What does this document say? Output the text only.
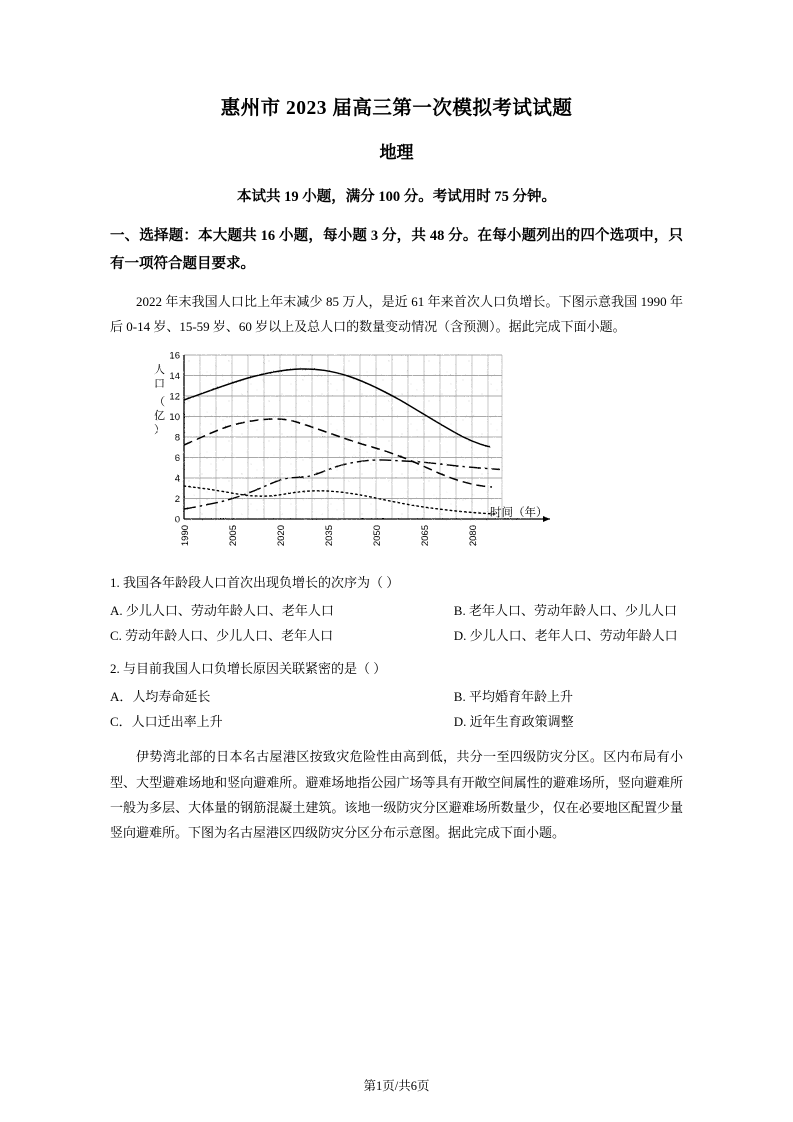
惠州市 2023 届高三第一次模拟考试试题
地理
本试共 19 小题，满分 100 分。考试用时 75 分钟。
一、选择题：本大题共 16 小题，每小题 3 分，共 48 分。在每小题列出的四个选项中，只有一项符合题目要求。
2022 年末我国人口比上年末减少 85 万人，是近 61 年来首次人口负增长。下图示意我国 1990 年后 0-14 岁、15-59 岁、60 岁以上及总人口的数量变动情况（含预测）。据此完成下面小题。
16
14
12
10
8
6
4
2
0
人
口
（
亿
）
1990	2005	2020	2035	2050	2065	2080
时间（年）
1. 我国各年龄段人口首次出现负增长的次序为（ ）
A. 少儿人口、劳动年龄人口、老年人口	B. 老年人口、劳动年龄人口、少儿人口
C. 劳动年龄人口、少儿人口、老年人口	D. 少儿人口、老年人口、劳动年龄人口
2. 与目前我国人口负增长原因关联紧密的是（ ）
A．人均寿命延长	B. 平均婚育年龄上升
C．人口迁出率上升	D. 近年生育政策调整
伊势湾北部的日本名古屋港区按致灾危险性由高到低，共分一至四级防灾分区。区内布局有小型、大型避难场地和竖向避难所。避难场地指公园广场等具有开敞空间属性的避难场所，竖向避难所一般为多层、大体量的钢筋混凝土建筑。该地一级防灾分区避难场所数量少，仅在必要地区配置少量竖向避难所。下图为名古屋港区四级防灾分区分布示意图。据此完成下面小题。
第1页/共6页
